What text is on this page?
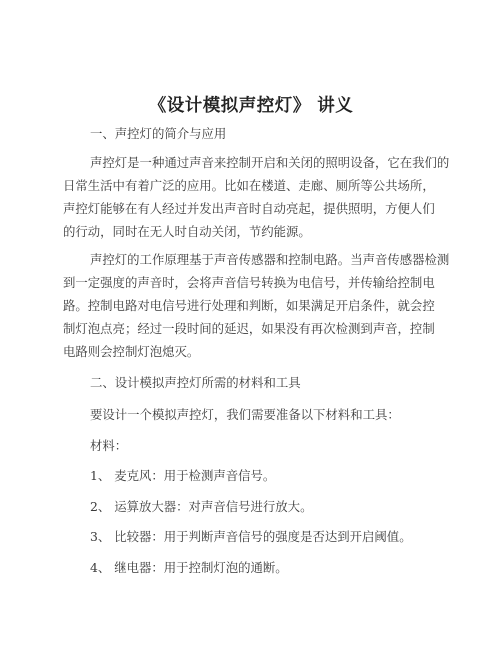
《设计模拟声控灯》 讲义
一、声控灯的简介与应用
声控灯是一种通过声音来控制开启和关闭的照明设备，它在我们的
日常生活中有着广泛的应用。比如在楼道、走廊、厕所等公共场所，
声控灯能够在有人经过并发出声音时自动亮起，提供照明，方便人们
的行动，同时在无人时自动关闭，节约能源。
声控灯的工作原理基于声音传感器和控制电路。当声音传感器检测
到一定强度的声音时，会将声音信号转换为电信号，并传输给控制电
路。控制电路对电信号进行处理和判断，如果满足开启条件，就会控
制灯泡点亮；经过一段时间的延迟，如果没有再次检测到声音，控制
电路则会控制灯泡熄灭。
二、设计模拟声控灯所需的材料和工具
要设计一个模拟声控灯，我们需要准备以下材料和工具：
材料：
1、 麦克风：用于检测声音信号。
2、 运算放大器：对声音信号进行放大。
3、 比较器：用于判断声音信号的强度是否达到开启阈值。
4、 继电器：用于控制灯泡的通断。
